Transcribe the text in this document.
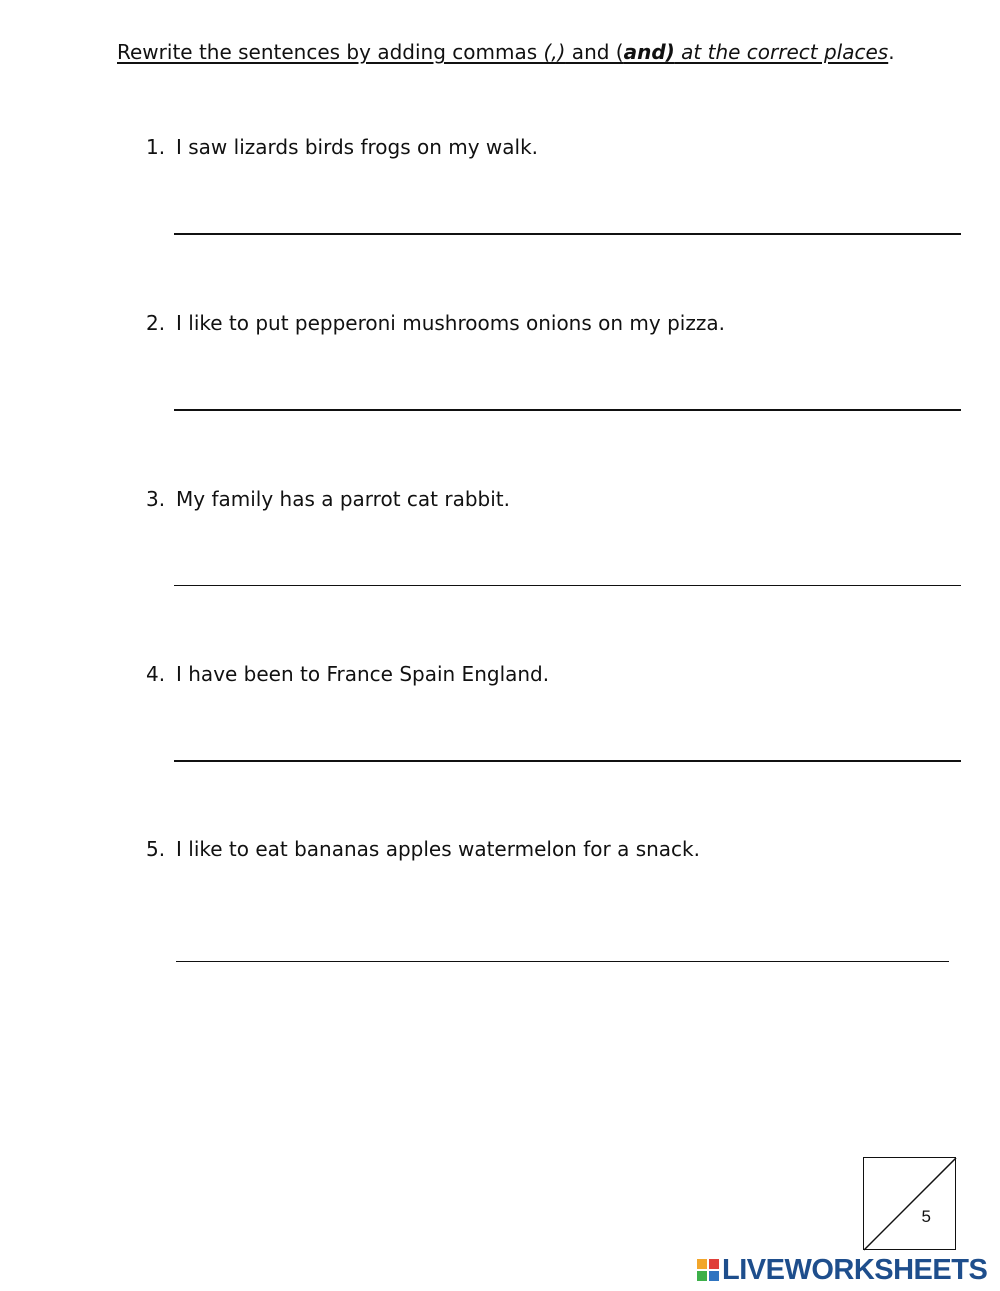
Rewrite the sentences by adding commas (,) and (and) at the correct places.
1. I saw lizards birds frogs on my walk.
2. I like to put pepperoni mushrooms onions on my pizza.
3. My family has a parrot cat rabbit.
4. I have been to France Spain England.
5. I like to eat bananas apples watermelon for a snack.
5
LIVEWORKSHEETS
